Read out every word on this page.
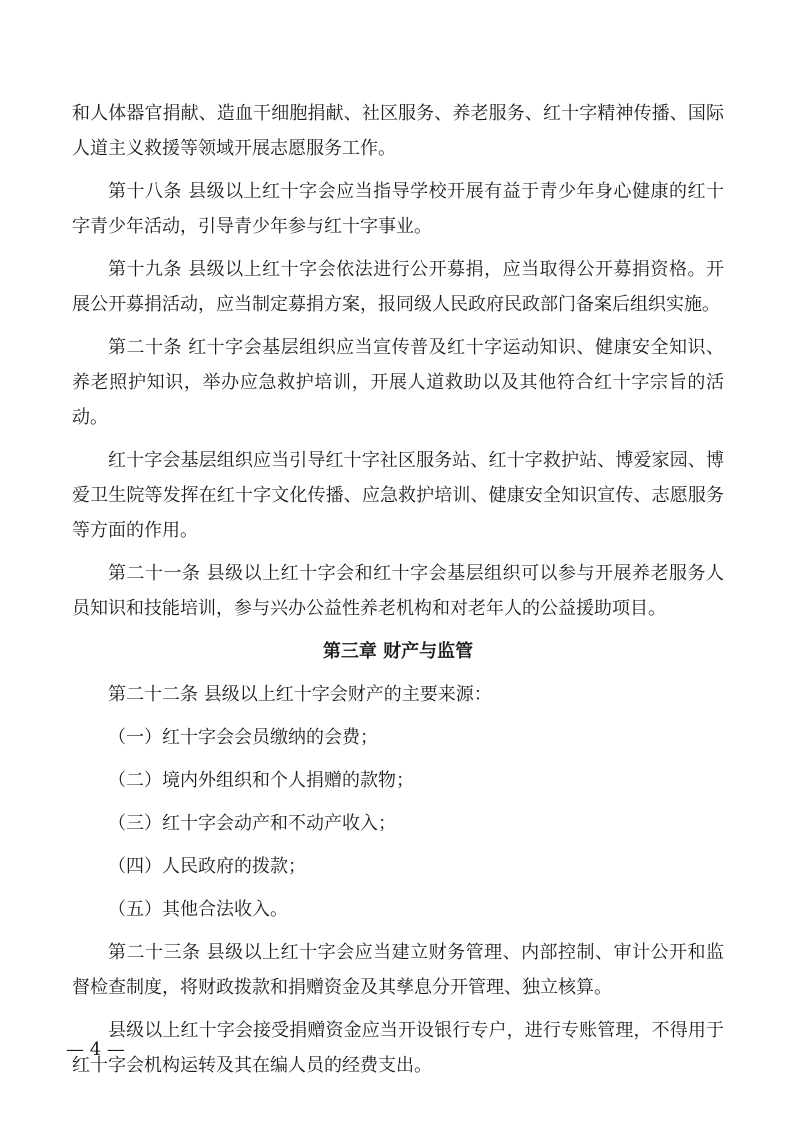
和人体器官捐献、造血干细胞捐献、社区服务、养老服务、红十字精神传播、国际人道主义救援等领域开展志愿服务工作。

第十八条 县级以上红十字会应当指导学校开展有益于青少年身心健康的红十字青少年活动，引导青少年参与红十字事业。

第十九条 县级以上红十字会依法进行公开募捐，应当取得公开募捐资格。开展公开募捐活动，应当制定募捐方案，报同级人民政府民政部门备案后组织实施。

第二十条 红十字会基层组织应当宣传普及红十字运动知识、健康安全知识、养老照护知识，举办应急救护培训，开展人道救助以及其他符合红十字宗旨的活动。

红十字会基层组织应当引导红十字社区服务站、红十字救护站、博爱家园、博爱卫生院等发挥在红十字文化传播、应急救护培训、健康安全知识宣传、志愿服务等方面的作用。

第二十一条 县级以上红十字会和红十字会基层组织可以参与开展养老服务人员知识和技能培训，参与兴办公益性养老机构和对老年人的公益援助项目。

第三章 财产与监管

第二十二条 县级以上红十字会财产的主要来源：

（一）红十字会会员缴纳的会费；

（二）境内外组织和个人捐赠的款物；

（三）红十字会动产和不动产收入；

（四）人民政府的拨款；

（五）其他合法收入。

第二十三条 县级以上红十字会应当建立财务管理、内部控制、审计公开和监督检查制度，将财政拨款和捐赠资金及其孳息分开管理、独立核算。

县级以上红十字会接受捐赠资金应当开设银行专户，进行专账管理，不得用于红十字会机构运转及其在编人员的经费支出。

— 4 —
